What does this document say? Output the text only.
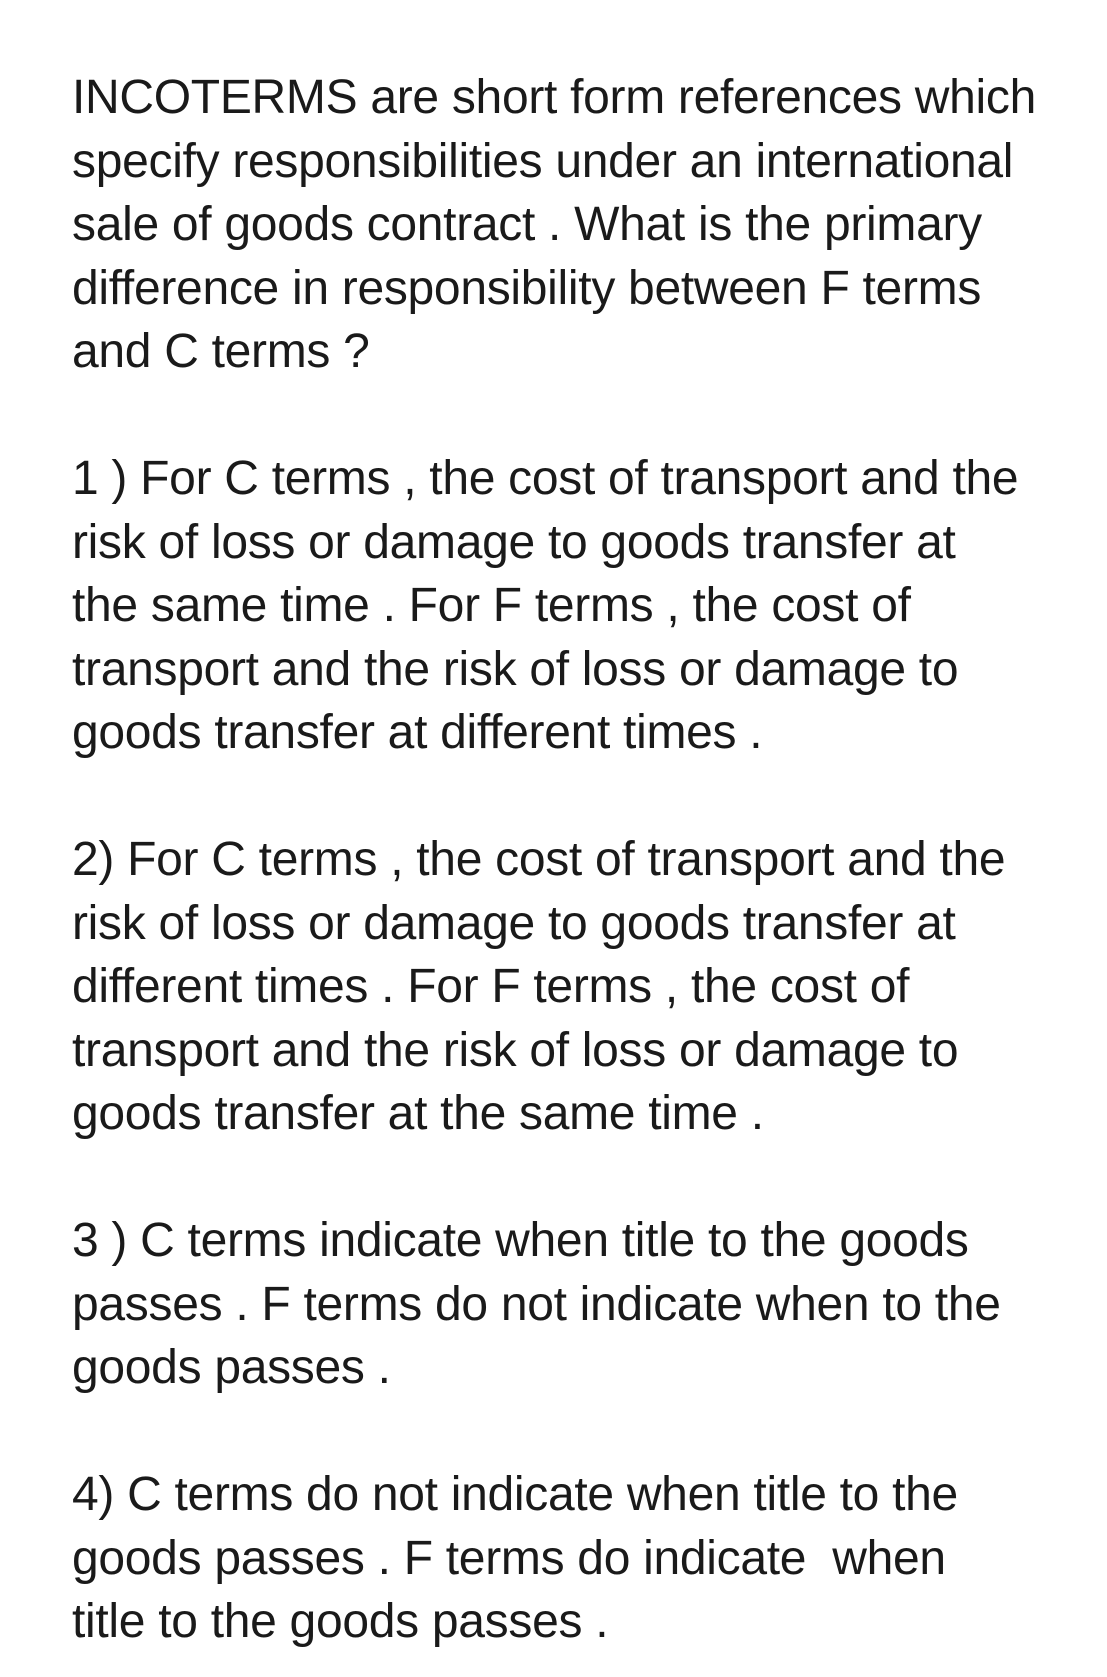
INCOTERMS are short form references which
specify responsibilities under an international
sale of goods contract . What is the primary
difference in responsibility between F terms
and C terms ?
1 ) For C terms , the cost of transport and the
risk of loss or damage to goods transfer at
the same time . For F terms , the cost of
transport and the risk of loss or damage to
goods transfer at different times .
2) For C terms , the cost of transport and the
risk of loss or damage to goods transfer at
different times . For F terms , the cost of
transport and the risk of loss or damage to
goods transfer at the same time .
3 ) C terms indicate when title to the goods
passes . F terms do not indicate when to the
goods passes .
4) C terms do not indicate when title to the
goods passes . F terms do indicate  when
title to the goods passes .
